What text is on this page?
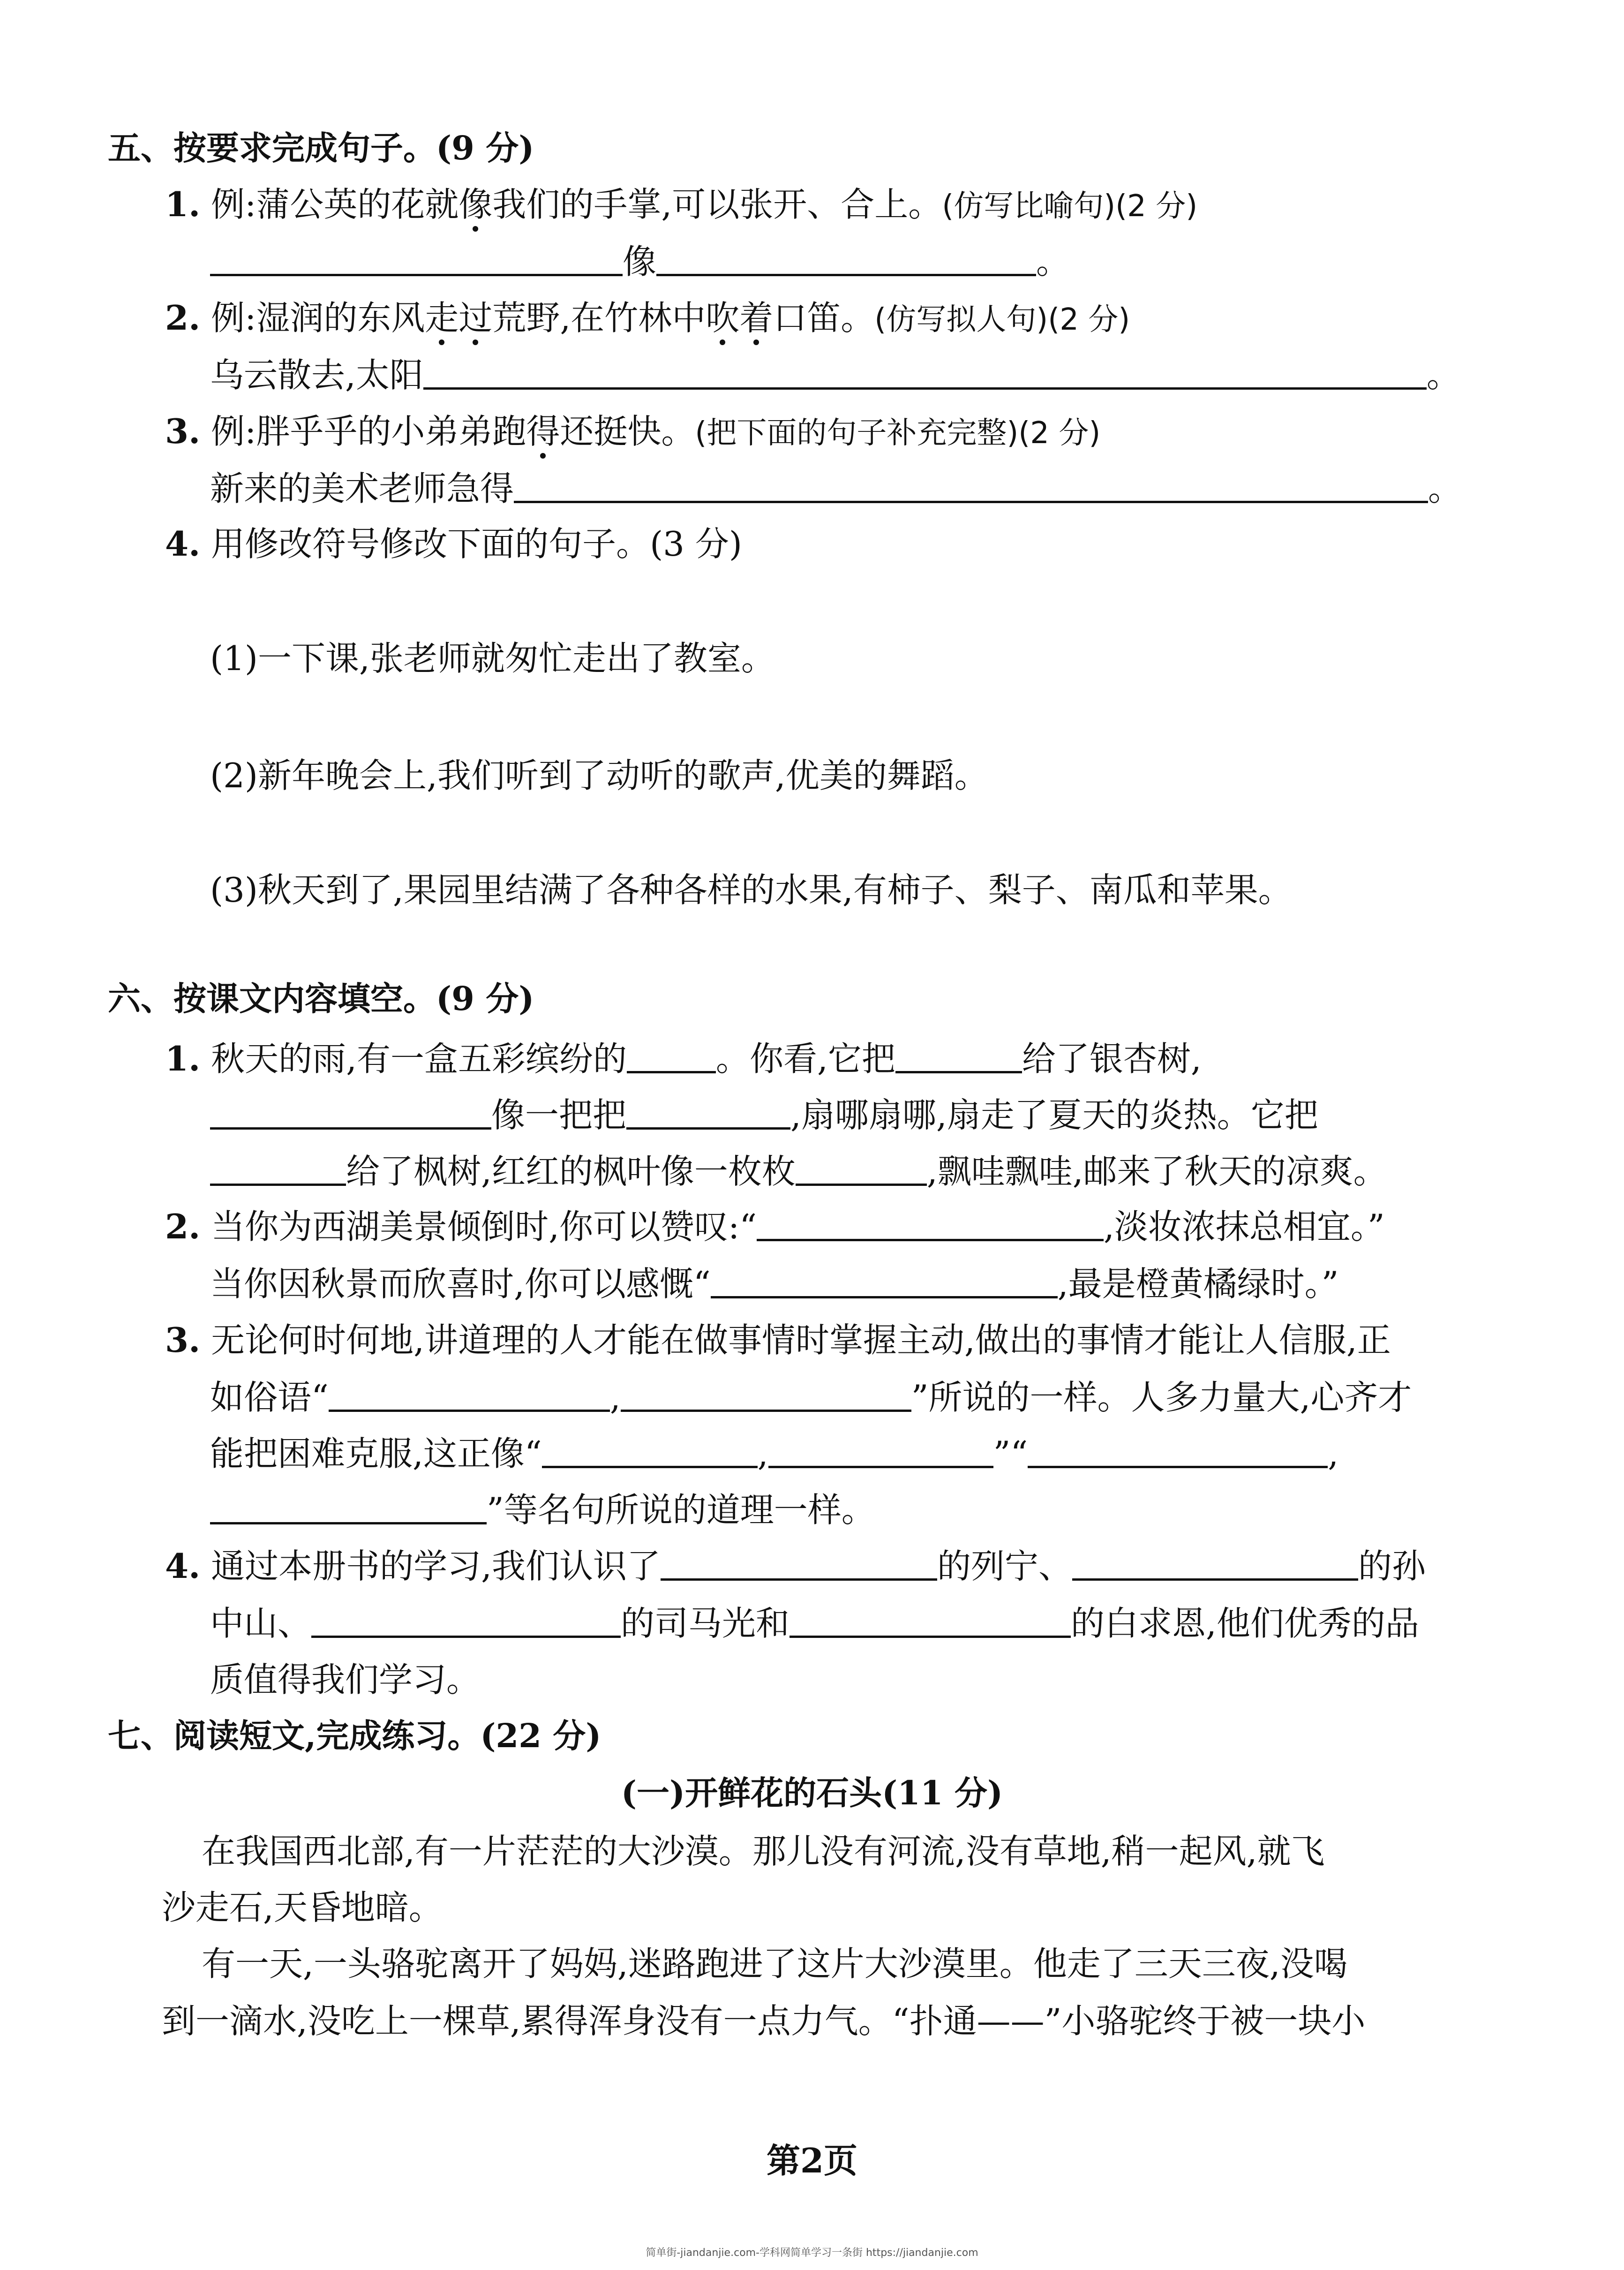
五、按要求完成句子。(9 分)
1. 例:蒲公英的花就像我们的手掌,可以张开、合上。(仿写比喻句)(2 分)
像	。
2. 例:湿润的东风走过荒野,在竹林中吹着口笛。(仿写拟人句)(2 分)
乌云散去,太阳	。
3. 例:胖乎乎的小弟弟跑得还挺快。(把下面的句子补充完整)(2 分)
新来的美术老师急得	。
4. 用修改符号修改下面的句子。(3 分)
(1)一下课,张老师就匆忙走出了教室。
(2)新年晚会上,我们听到了动听的歌声,优美的舞蹈。
(3)秋天到了,果园里结满了各种各样的水果,有柿子、梨子、南瓜和苹果。
六、按课文内容填空。(9 分)
1. 秋天的雨,有一盒五彩缤纷的	。你看,它把	给了银杏树,
像一把把	,扇哪扇哪,扇走了夏天的炎热。它把
给了枫树,红红的枫叶像一枚枚	,飘哇飘哇,邮来了秋天的凉爽。
2. 当你为西湖美景倾倒时,你可以赞叹:“	,淡妆浓抹总相宜。”
当你因秋景而欣喜时,你可以感慨“	,最是橙黄橘绿时。”
3. 无论何时何地,讲道理的人才能在做事情时掌握主动,做出的事情才能让人信服,正
如俗语“	,	”所说的一样。人多力量大,心齐才
能把困难克服,这正像“	,	”“	,
”等名句所说的道理一样。
4. 通过本册书的学习,我们认识了	的列宁、	的孙
中山、	的司马光和	的白求恩,他们优秀的品
质值得我们学习。
七、阅读短文,完成练习。(22 分)
(一)开鲜花的石头(11 分)
在我国西北部,有一片茫茫的大沙漠。那儿没有河流,没有草地,稍一起风,就飞
沙走石,天昏地暗。
有一天,一头骆驼离开了妈妈,迷路跑进了这片大沙漠里。他走了三天三夜,没喝
到一滴水,没吃上一棵草,累得浑身没有一点力气。“扑通——”小骆驼终于被一块小
第2页
简单街-jiandanjie.com-学科网简单学习一条街 https://jiandanjie.com
